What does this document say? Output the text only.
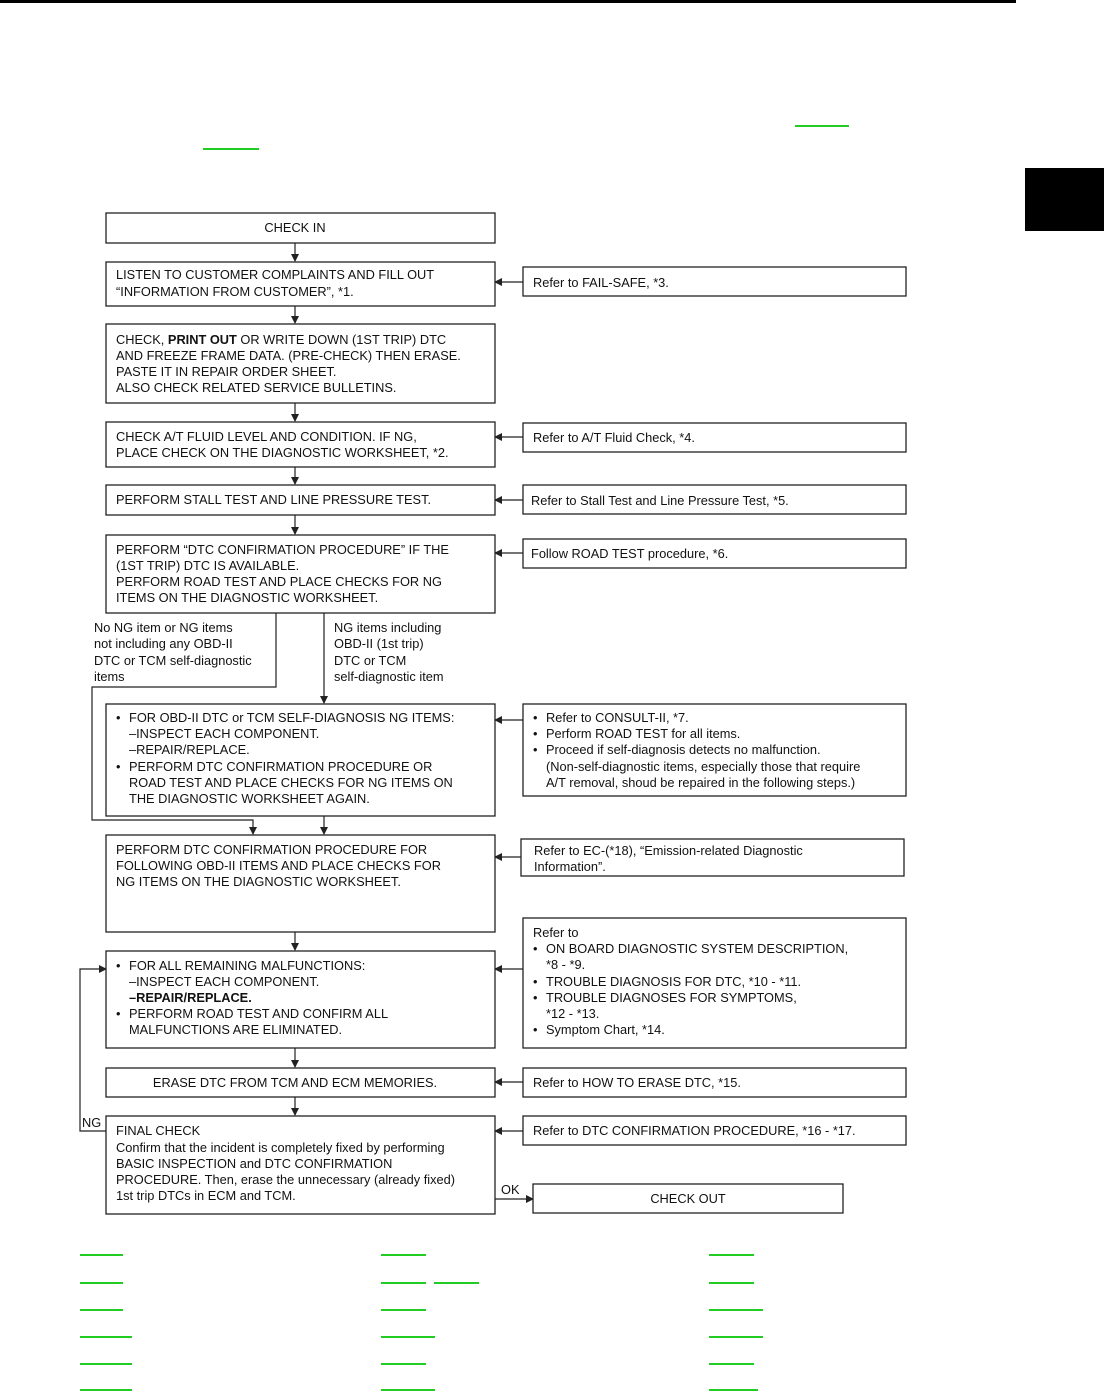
CHECK IN
LISTEN TO CUSTOMER COMPLAINTS AND FILL OUT
“INFORMATION FROM CUSTOMER”, *1.
Refer to FAIL-SAFE, *3.
CHECK, PRINT OUT OR WRITE DOWN (1ST TRIP) DTC
AND FREEZE FRAME DATA. (PRE-CHECK) THEN ERASE.
PASTE IT IN REPAIR ORDER SHEET.
ALSO CHECK RELATED SERVICE BULLETINS.
CHECK A/T FLUID LEVEL AND CONDITION. IF NG,
PLACE CHECK ON THE DIAGNOSTIC WORKSHEET, *2.
Refer to A/T Fluid Check, *4.
PERFORM STALL TEST AND LINE PRESSURE TEST.	Refer to Stall Test and Line Pressure Test, *5.
PERFORM “DTC CONFIRMATION PROCEDURE” IF THE
(1ST TRIP) DTC IS AVAILABLE.
PERFORM ROAD TEST AND PLACE CHECKS FOR NG
ITEMS ON THE DIAGNOSTIC WORKSHEET.
Follow ROAD TEST procedure, *6.
No NG item or NG items
not including any OBD-II
DTC or TCM self-diagnostic
items
NG items including
OBD-II (1st trip)
DTC or TCM
self-diagnostic item
• FOR OBD-II DTC or TCM SELF-DIAGNOSIS NG ITEMS:
–INSPECT EACH COMPONENT.
–REPAIR/REPLACE.
• PERFORM DTC CONFIRMATION PROCEDURE OR
ROAD TEST AND PLACE CHECKS FOR NG ITEMS ON
THE DIAGNOSTIC WORKSHEET AGAIN.
• Refer to CONSULT-II, *7.
• Perform ROAD TEST for all items.
• Proceed if self-diagnosis detects no malfunction.
(Non-self-diagnostic items, especially those that require
A/T removal, shoud be repaired in the following steps.)
PERFORM DTC CONFIRMATION PROCEDURE FOR
FOLLOWING OBD-II ITEMS AND PLACE CHECKS FOR
NG ITEMS ON THE DIAGNOSTIC WORKSHEET.
Refer to EC-(*18), “Emission-related Diagnostic
Information”.
• FOR ALL REMAINING MALFUNCTIONS:
–INSPECT EACH COMPONENT.
–REPAIR/REPLACE.
• PERFORM ROAD TEST AND CONFIRM ALL
MALFUNCTIONS ARE ELIMINATED.
Refer to
• ON BOARD DIAGNOSTIC SYSTEM DESCRIPTION,
*8 - *9.
• TROUBLE DIAGNOSIS FOR DTC, *10 - *11.
• TROUBLE DIAGNOSES FOR SYMPTOMS,
*12 - *13.
• Symptom Chart, *14.
ERASE DTC FROM TCM AND ECM MEMORIES.	Refer to HOW TO ERASE DTC, *15.
FINAL CHECK
Confirm that the incident is completely fixed by performing
BASIC INSPECTION and DTC CONFIRMATION
PROCEDURE. Then, erase the unnecessary (already fixed)
1st trip DTCs in ECM and TCM.
Refer to DTC CONFIRMATION PROCEDURE, *16 - *17.
NG
OK
CHECK OUT
